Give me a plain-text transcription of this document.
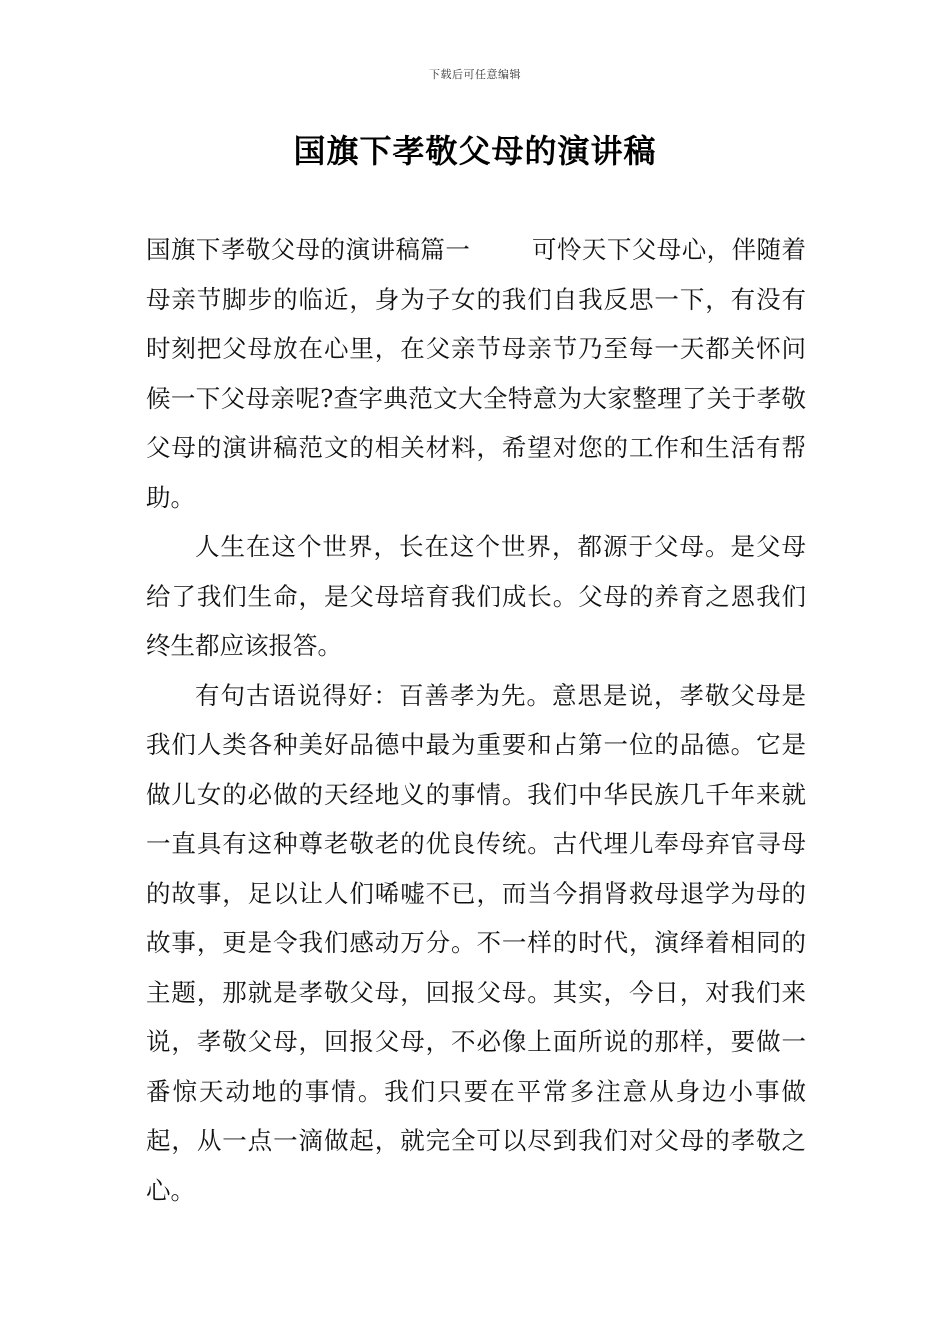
下载后可任意编辑
国旗下孝敬父母的演讲稿

国旗下孝敬父母的演讲稿篇一	可怜天下父母心，伴随着母亲节脚步的临近，身为子女的我们自我反思一下，有没有时刻把父母放在心里，在父亲节母亲节乃至每一天都关怀问候一下父母亲呢?查字典范文大全特意为大家整理了关于孝敬父母的演讲稿范文的相关材料，希望对您的工作和生活有帮助。

人生在这个世界，长在这个世界，都源于父母。是父母给了我们生命，是父母培育我们成长。父母的养育之恩我们终生都应该报答。

有句古语说得好：百善孝为先。意思是说，孝敬父母是我们人类各种美好品德中最为重要和占第一位的品德。它是做儿女的必做的天经地义的事情。我们中华民族几千年来就一直具有这种尊老敬老的优良传统。古代埋儿奉母弃官寻母的故事，足以让人们唏嘘不已，而当今捐肾救母退学为母的故事，更是令我们感动万分。不一样的时代，演绎着相同的主题，那就是孝敬父母，回报父母。其实，今日，对我们来说，孝敬父母，回报父母，不必像上面所说的那样，要做一番惊天动地的事情。我们只要在平常多注意从身边小事做起，从一点一滴做起，就完全可以尽到我们对父母的孝敬之心。
